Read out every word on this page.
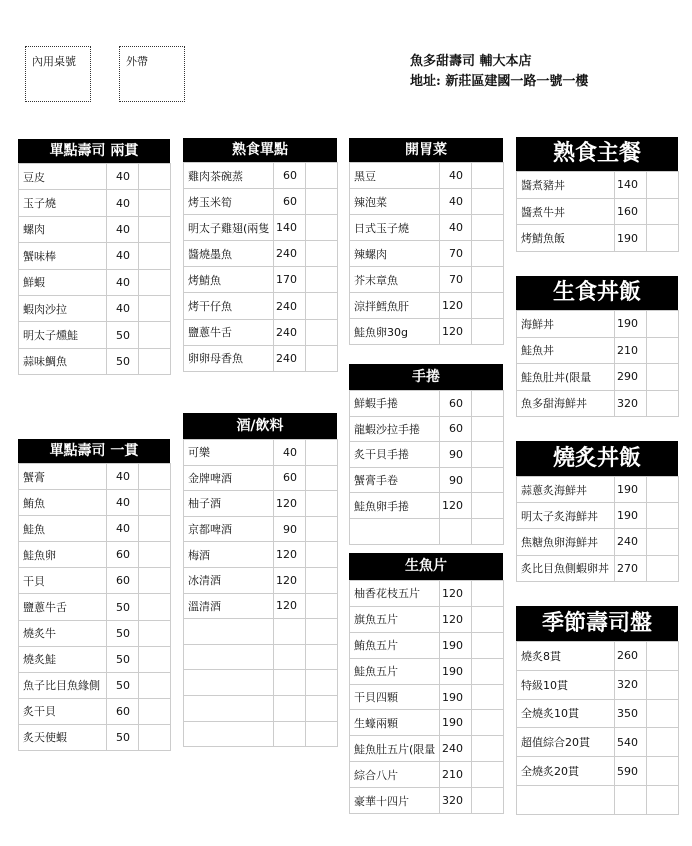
內用桌號	外帶	魚多甜壽司 輔大本店
地址: 新莊區建國一路一號一樓
單點壽司 兩貫
豆皮	40	
玉子燒	40	
螺肉	40	
蟹味棒	40	
鮮蝦	40	
蝦肉沙拉	40	
明太子燻鮭	50	
蒜味鯛魚	50	
單點壽司 一貫
蟹膏	40	
鮪魚	40	
鮭魚	40	
鮭魚卵	60	
干貝	60	
鹽蔥牛舌	50	
燒炙牛	50	
燒炙鮭	50	
魚子比目魚緣側	50	
炙干貝	60	
炙天使蝦	50	
熟食單點
雞肉茶碗蒸	60	
烤玉米筍	60	
明太子雞翅(兩隻	140	
醬燒墨魚	240	
烤鯖魚	170	
烤干仔魚	240	
鹽蔥牛舌	240	
卵卵母香魚	240	
酒/飲料
可樂	40	
金牌啤酒	60	
柚子酒	120	
京都啤酒	90	
梅酒	120	
冰清酒	120	
溫清酒	120	

開胃菜
黑豆	40	
辣泡菜	40	
日式玉子燒	40	
辣螺肉	70	
芥末章魚	70	
涼拌鱈魚肝	120	
鮭魚卵30g	120	
手捲
鮮蝦手捲	60	
龍蝦沙拉手捲	60	
炙干貝手捲	90	
蟹膏手卷	90	
鮭魚卵手捲	120	

生魚片
柚香花枝五片	120	
旗魚五片	120	
鮪魚五片	190	
鮭魚五片	190	
干貝四顆	190	
生蠔兩顆	190	
鮭魚肚五片(限量	240	
綜合八片	210	
豪華十四片	320	
熟食主餐
醬煮豬丼	140	
醬煮牛丼	160	
烤鯖魚飯	190	
生食丼飯
海鮮丼	190	
鮭魚丼	210	
鮭魚肚丼(限量	290	
魚多甜海鮮丼	320	
燒炙丼飯
蒜蔥炙海鮮丼	190	
明太子炙海鮮丼	190	
焦糖魚卵海鮮丼	240	
炙比目魚側蝦卵丼	270	
季節壽司盤
燒炙8貫	260	
特級10貫	320	
全燒炙10貫	350	
超值綜合20貫	540	
全燒炙20貫	590	
